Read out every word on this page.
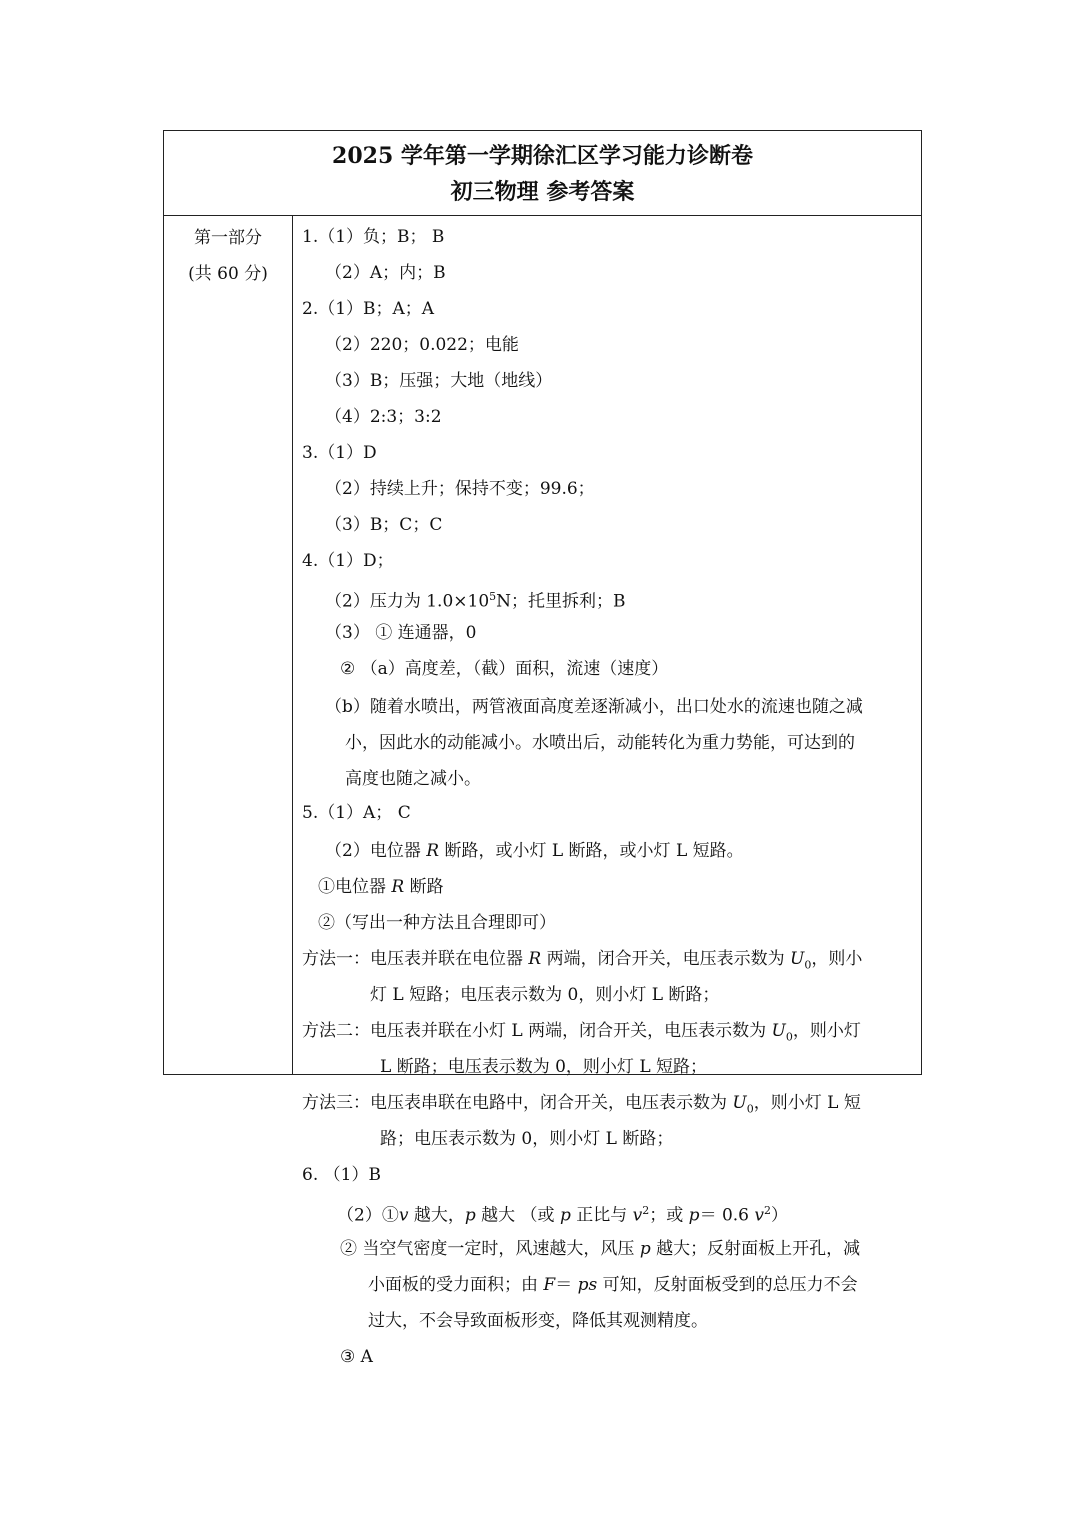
2025 学年第一学期徐汇区学习能力诊断卷
初三物理 参考答案
第一部分
(共 60 分)
1.（1）负；B； B
（2）A；内；B
2.（1）B；A；A
（2）220；0.022；电能
（3）B；压强；大地（地线）
（4）2:3；3:2
3.（1）D
（2）持续上升；保持不变；99.6；
（3）B；C；C
4.（1）D；
（2）压力为 $1.0\times 10^5N$；托里拆利；B
（3） ① 连通器，0
② （a）高度差，（截）面积，流速（速度）
（b）随着水喷出，两管液面高度差逐渐减小，出口处水的流速也随之减
小，因此水的动能减小。水喷出后，动能转化为重力势能，可达到的
高度也随之减小。
5.（1）A； C
（2）电位器 R 断路，或小灯 L 断路，或小灯 L 短路。
①电位器 R 断路
②（写出一种方法且合理即可）
方法一：电压表并联在电位器 R 两端，闭合开关，电压表示数为 $U_0$，则小
灯 L 短路；电压表示数为 0，则小灯 L 断路；
方法二：电压表并联在小灯 L 两端，闭合开关，电压表示数为 $U_0$，则小灯
L 断路；电压表示数为 0，则小灯 L 短路；
方法三：电压表串联在电路中，闭合开关，电压表示数为 $U_0$，则小灯 L 短
路；电压表示数为 0，则小灯 L 断路；
6. （1）B
（2）①v 越大，p 越大 （或 p 正比与 $v^2$；或 p＝ 0.6 $v^2$）
② 当空气密度一定时，风速越大，风压 p 越大；反射面板上开孔，减
小面板的受力面积；由 F＝ ps 可知，反射面板受到的总压力不会
过大，不会导致面板形变，降低其观测精度。
③ A
